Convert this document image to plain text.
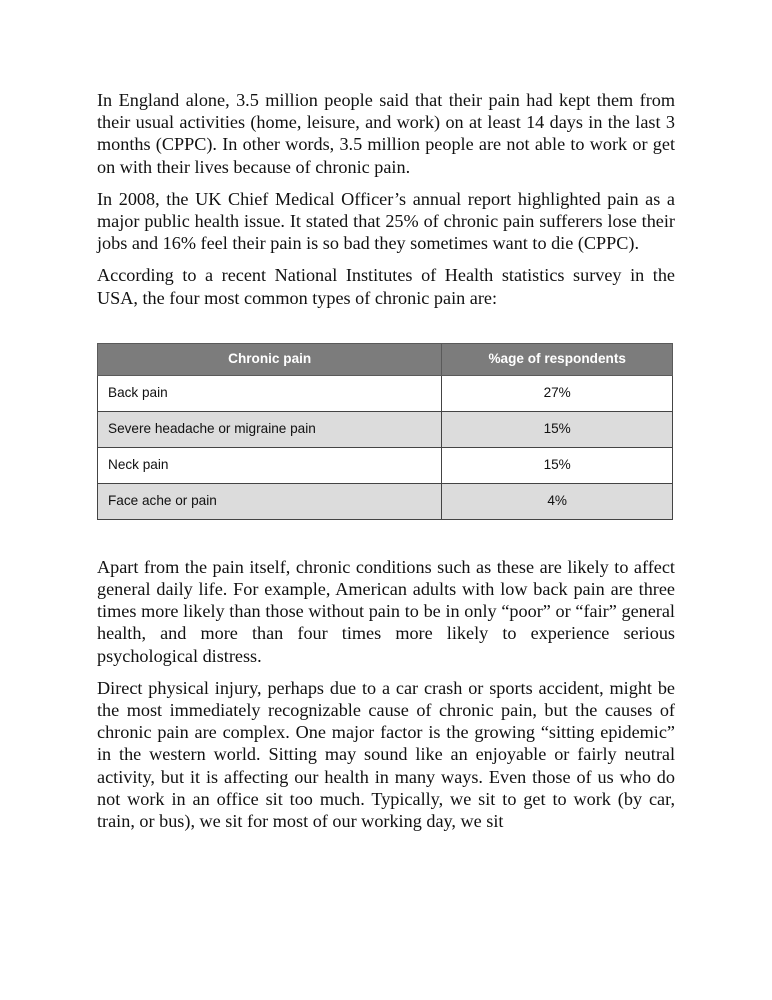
In England alone, 3.5 million people said that their pain had kept them from their usual activities (home, leisure, and work) on at least 14 days in the last 3 months (CPPC). In other words, 3.5 million people are not able to work or get on with their lives because of chronic pain.

In 2008, the UK Chief Medical Officer’s annual report highlighted pain as a major public health issue. It stated that 25% of chronic pain sufferers lose their jobs and 16% feel their pain is so bad they sometimes want to die (CPPC).

According to a recent National Institutes of Health statistics survey in the USA, the four most common types of chronic pain are:

Chronic pain	%age of respondents
Back pain	27%
Severe headache or migraine pain	15%
Neck pain	15%
Face ache or pain	4%

Apart from the pain itself, chronic conditions such as these are likely to affect general daily life. For example, American adults with low back pain are three times more likely than those without pain to be in only “poor” or “fair” general health, and more than four times more likely to experience serious psychological distress.

Direct physical injury, perhaps due to a car crash or sports accident, might be the most immediately recognizable cause of chronic pain, but the causes of chronic pain are complex. One major factor is the growing “sitting epidemic” in the western world. Sitting may sound like an enjoyable or fairly neutral activity, but it is affecting our health in many ways. Even those of us who do not work in an office sit too much. Typically, we sit to get to work (by car, train, or bus), we sit for most of our working day, we sit
